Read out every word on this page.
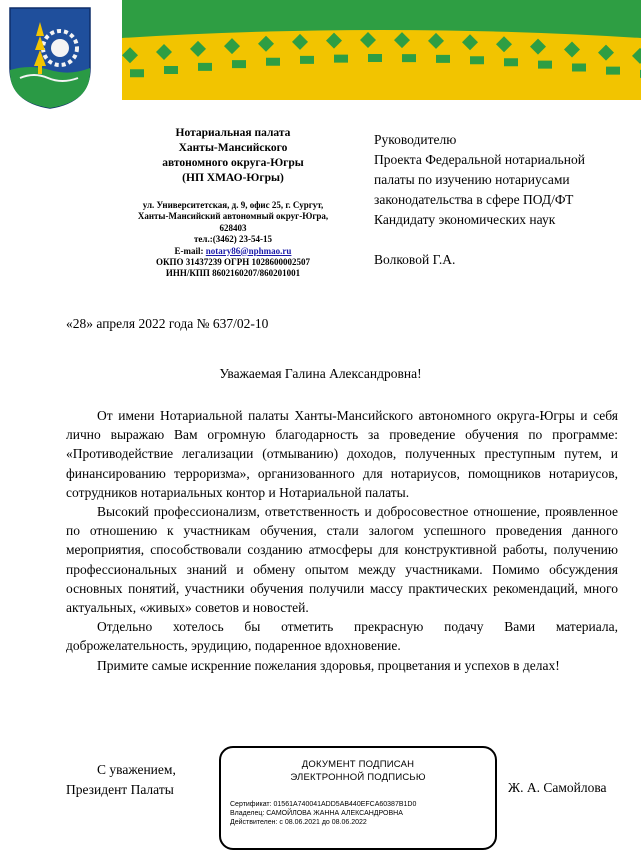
Нотариальная палата
Ханты-Мансийского
автономного округа-Югры
(НП ХМАО-Югры)
ул. Университетская, д. 9, офис 25, г. Сургут,
Ханты-Мансийский автономный округ-Югра,
628403
тел.:(3462) 23-54-15
E-mail: notary86@nphmao.ru
ОКПО 31437239 ОГРН 1028600002507
ИНН/КПП 8602160207/860201001
Руководителю
Проекта Федеральной нотариальной
палаты по изучению нотариусами
законодательства в сфере ПОД/ФТ
Кандидату экономических наук
Волковой Г.А.
«28» апреля 2022 года № 637/02-10
Уважаемая Галина Александровна!

От имени Нотариальной палаты Ханты-Мансийского автономного округа-Югры и себя лично выражаю Вам огромную благодарность за проведение обучения по программе: «Противодействие легализации (отмыванию) доходов, полученных преступным путем, и финансированию терроризма», организованного для нотариусов, помощников нотариусов, сотрудников нотариальных контор и Нотариальной палаты.

Высокий профессионализм, ответственность и добросовестное отношение, проявленное по отношению к участникам обучения, стали залогом успешного проведения данного мероприятия, способствовали созданию атмосферы для конструктивной работы, получению профессиональных знаний и обмену опытом между участниками. Помимо обсуждения основных понятий, участники обучения получили массу практических рекомендаций, много актуальных, «живых» советов и новостей.

Отдельно хотелось бы отметить прекрасную подачу Вами материала, доброжелательность, эрудицию, подаренное вдохновение.

Примите самые искренние пожелания здоровья, процветания и успехов в делах!

С уважением,
Президент Палаты
ДОКУМЕНТ ПОДПИСАН
ЭЛЕКТРОННОЙ ПОДПИСЬЮ
Сертификат: 01561A740041ADD5AB440EFCA60387B1D0
Владелец: САМОЙЛОВА ЖАННА АЛЕКСАНДРОВНА
Действителен: с 08.06.2021 до 08.06.2022
Ж. А. Самойлова
